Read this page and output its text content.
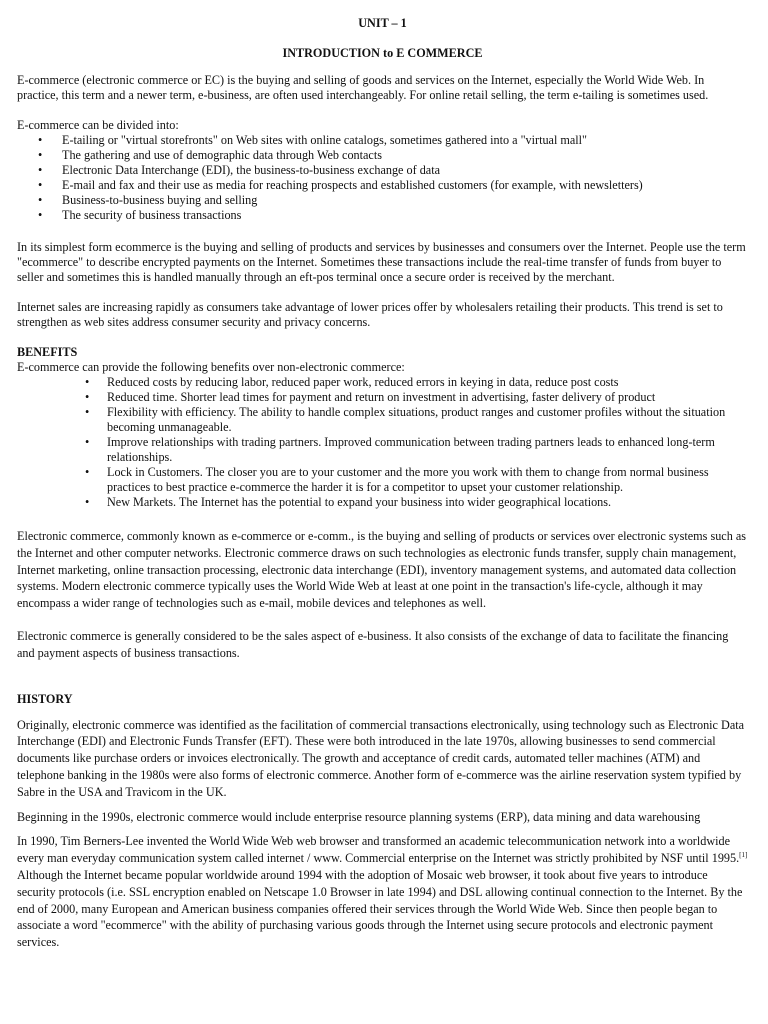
UNIT – 1
INTRODUCTION to E COMMERCE

E-commerce (electronic commerce or EC) is the buying and selling of goods and services on the Internet, especially the World Wide Web. In practice, this term and a newer term, e-business, are often used interchangeably. For online retail selling, the term e-tailing is sometimes used.

E-commerce can be divided into:

• E-tailing or "virtual storefronts" on Web sites with online catalogs, sometimes gathered into a "virtual mall"
• The gathering and use of demographic data through Web contacts
• Electronic Data Interchange (EDI), the business-to-business exchange of data
• E-mail and fax and their use as media for reaching prospects and established customers (for example, with newsletters)
• Business-to-business buying and selling
• The security of business transactions

In its simplest form ecommerce is the buying and selling of products and services by businesses and consumers over the Internet. People use the term "ecommerce" to describe encrypted payments on the Internet. Sometimes these transactions include the real-time transfer of funds from buyer to seller and sometimes this is handled manually through an eft-pos terminal once a secure order is received by the merchant.

Internet sales are increasing rapidly as consumers take advantage of lower prices offer by wholesalers retailing their products. This trend is set to strengthen as web sites address consumer security and privacy concerns.

BENEFITS

E-commerce can provide the following benefits over non-electronic commerce:

• Reduced costs by reducing labor, reduced paper work, reduced errors in keying in data, reduce post costs
• Reduced time. Shorter lead times for payment and return on investment in advertising, faster delivery of product
• Flexibility with efficiency. The ability to handle complex situations, product ranges and customer profiles without the situation becoming unmanageable.
• Improve relationships with trading partners. Improved communication between trading partners leads to enhanced long-term relationships.
• Lock in Customers. The closer you are to your customer and the more you work with them to change from normal business practices to best practice e-commerce the harder it is for a competitor to upset your customer relationship.
• New Markets. The Internet has the potential to expand your business into wider geographical locations.

Electronic commerce, commonly known as e-commerce or e-comm., is the buying and selling of products or services over electronic systems such as the Internet and other computer networks. Electronic commerce draws on such technologies as electronic funds transfer, supply chain management, Internet marketing, online transaction processing, electronic data interchange (EDI), inventory management systems, and automated data collection systems. Modern electronic commerce typically uses the World Wide Web at least at one point in the transaction's life-cycle, although it may encompass a wider range of technologies such as e-mail, mobile devices and telephones as well.

Electronic commerce is generally considered to be the sales aspect of e-business. It also consists of the exchange of data to facilitate the financing and payment aspects of business transactions.

HISTORY

Originally, electronic commerce was identified as the facilitation of commercial transactions electronically, using technology such as Electronic Data Interchange (EDI) and Electronic Funds Transfer (EFT). These were both introduced in the late 1970s, allowing businesses to send commercial documents like purchase orders or invoices electronically. The growth and acceptance of credit cards, automated teller machines (ATM) and telephone banking in the 1980s were also forms of electronic commerce. Another form of e-commerce was the airline reservation system typified by Sabre in the USA and Travicom in the UK.

Beginning in the 1990s, electronic commerce would include enterprise resource planning systems (ERP), data mining and data warehousing

In 1990, Tim Berners-Lee invented the World Wide Web web browser and transformed an academic telecommunication network into a worldwide every man everyday communication system called internet / www. Commercial enterprise on the Internet was strictly prohibited by NSF until 1995.[1] Although the Internet became popular worldwide around 1994 with the adoption of Mosaic web browser, it took about five years to introduce security protocols (i.e. SSL encryption enabled on Netscape 1.0 Browser in late 1994) and DSL allowing continual connection to the Internet. By the end of 2000, many European and American business companies offered their services through the World Wide Web. Since then people began to associate a word "ecommerce" with the ability of purchasing various goods through the Internet using secure protocols and electronic payment services.
